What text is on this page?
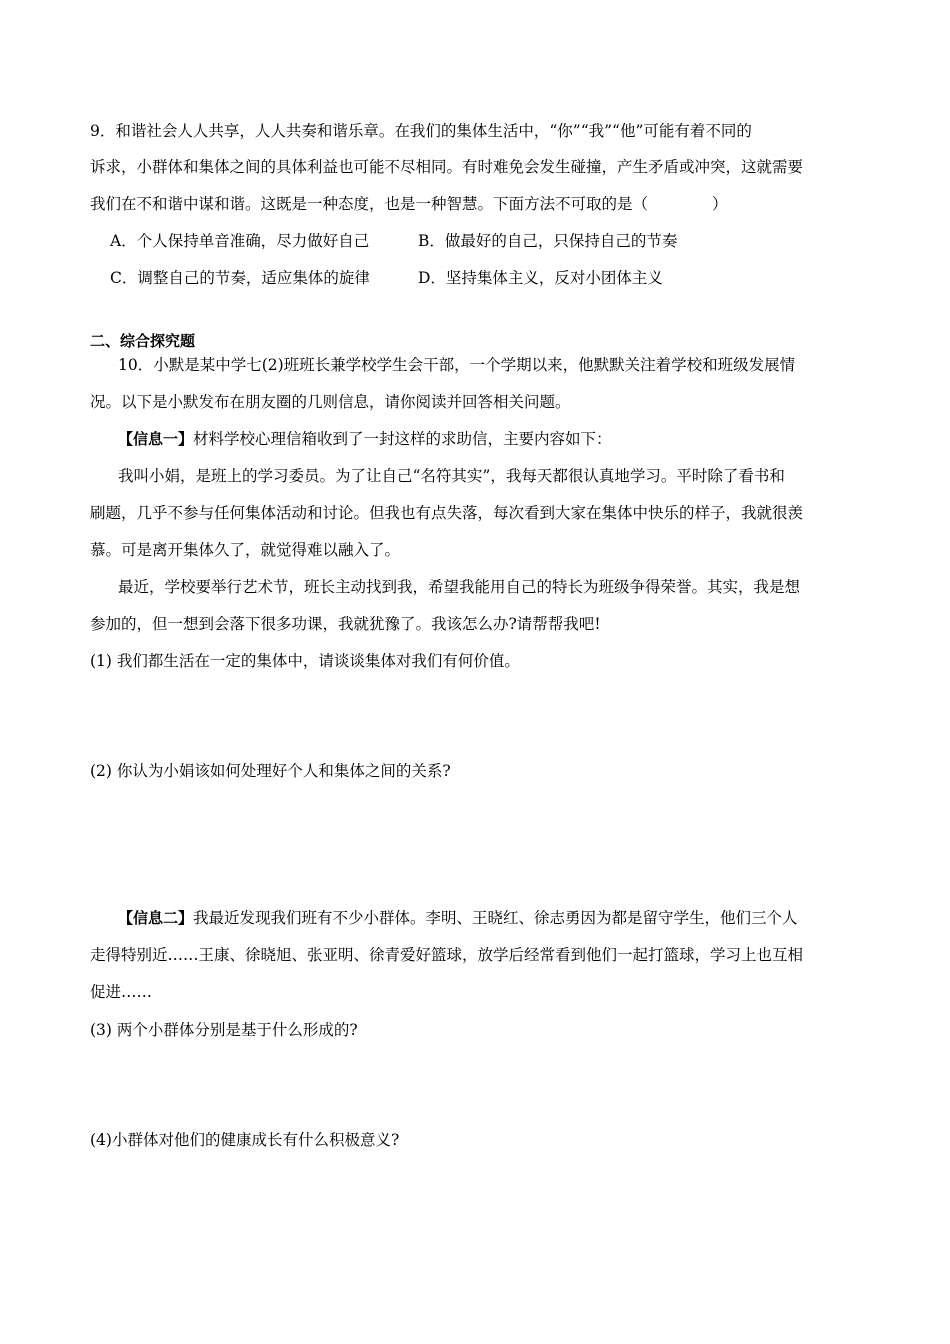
9．和谐社会人人共享，人人共奏和谐乐章。在我们的集体生活中，“你”“我”“他”可能有着不同的
诉求，小群体和集体之间的具体利益也可能不尽相同。有时难免会发生碰撞，产生矛盾或冲突，这就需要
我们在不和谐中谋和谐。这既是一种态度，也是一种智慧。下面方法不可取的是（	）
A．个人保持单音准确，尽力做好自己	B．做最好的自己，只保持自己的节奏
C．调整自己的节奏，适应集体的旋律	D．坚持集体主义，反对小团体主义
二、综合探究题
10．小默是某中学七(2)班班长兼学校学生会干部，一个学期以来，他默默关注着学校和班级发展情
况。以下是小默发布在朋友圈的几则信息，请你阅读并回答相关问题。
【信息一】材料学校心理信箱收到了一封这样的求助信，主要内容如下：
我叫小娟，是班上的学习委员。为了让自己“名符其实”，我每天都很认真地学习。平时除了看书和
刷题，几乎不参与任何集体活动和讨论。但我也有点失落，每次看到大家在集体中快乐的样子，我就很羡
慕。可是离开集体久了，就觉得难以融入了。
最近，学校要举行艺术节，班长主动找到我，希望我能用自己的特长为班级争得荣誉。其实，我是想
参加的，但一想到会落下很多功课，我就犹豫了。我该怎么办?请帮帮我吧!
(1) 我们都生活在一定的集体中，请谈谈集体对我们有何价值。
(2) 你认为小娟该如何处理好个人和集体之间的关系?
【信息二】我最近发现我们班有不少小群体。李明、王晓红、徐志勇因为都是留守学生，他们三个人
走得特别近……王康、徐晓旭、张亚明、徐青爱好篮球，放学后经常看到他们一起打篮球，学习上也互相
促进……
(3) 两个小群体分别是基于什么形成的?
(4)小群体对他们的健康成长有什么积极意义?
